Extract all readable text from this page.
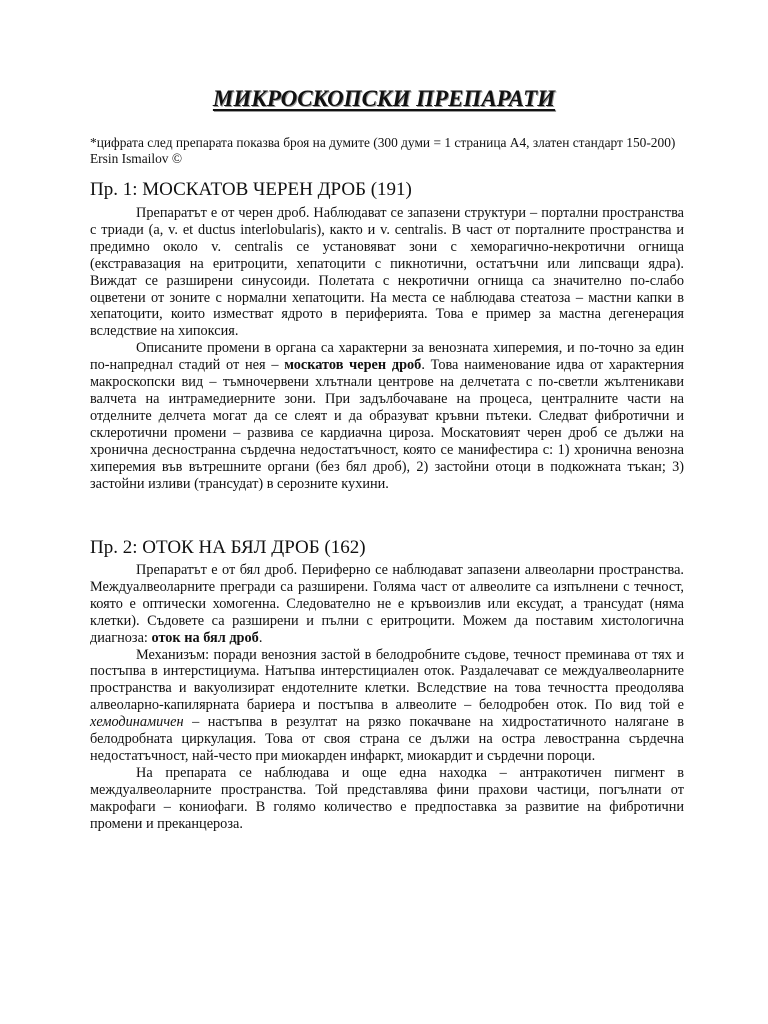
МИКРОСКОПСКИ ПРЕПАРАТИ
*цифрата след препарата показва броя на думите (300 думи = 1 страница А4, златен стандарт 150-200)
Ersin Ismailov ©
Пр. 1: МОСКАТОВ ЧЕРЕН ДРОБ (191)

Препаратът е от черен дроб. Наблюдават се запазени структури – портални пространства с триади (a, v. et ductus interlobularis), както и v. centralis. В част от порталните пространства и предимно около v. centralis се установяват зони с хеморагично-некротични огнища (екстравазация на еритроцити, хепатоцити с пикнотични, остатъчни или липсващи ядра). Виждат се разширени синусоиди. Полетата с некротични огнища са значително по-слабо оцветени от зоните с нормални хепатоцити. На места се наблюдава стеатоза – мастни капки в хепатоцити, които изместват ядрото в периферията. Това е пример за мастна дегенерация вследствие на хипоксия.

Описаните промени в органа са характерни за венозната хиперемия, и по-точно за един по-напреднал стадий от нея – москатов черен дроб. Това наименование идва от характерния макроскопски вид – тъмночервени хлътнали центрове на делчетата с по-светли жълтеникави валчета на интрамедиерните зони. При задълбочаване на процеса, централните части на отделните делчета могат да се слеят и да образуват кръвни пътеки. Следват фибротични и склеротични промени – развива се кардиачна цироза. Москатовият черен дроб се дължи на хронична десностранна сърдечна недостатъчност, която се манифестира с: 1) хронична венозна хиперемия във вътрешните органи (без бял дроб), 2) застойни отоци в подкожната тъкан; 3) застойни изливи (трансудат) в серозните кухини.

Пр. 2: ОТОК НА БЯЛ ДРОБ (162)

Препаратът е от бял дроб. Периферно се наблюдават запазени алвеоларни пространства. Междуалвеоларните прегради са разширени. Голяма част от алвеолите са изпълнени с течност, която е оптически хомогенна. Следователно не е кръвоизлив или ексудат, а трансудат (няма клетки). Съдовете са разширени и пълни с еритроцити. Можем да поставим хистологична диагноза: оток на бял дроб.

Механизъм: поради венозния застой в белодробните съдове, течност преминава от тях и постъпва в интерстициума. Натъпва интерстициален оток. Раздалечават се междуалвеоларните пространства и вакуолизират ендотелните клетки. Вследствие на това течността преодолява алвеоларно-капилярната бариера и постъпва в алвеолите – белодробен оток. По вид той е хемодинамичен – настъпва в резултат на рязко покачване на хидростатичното налягане в белодробната циркулация. Това от своя страна се дължи на остра левостранна сърдечна недостатъчност, най-често при миокарден инфаркт, миокардит и сърдечни пороци.

На препарата се наблюдава и още една находка – антракотичен пигмент в междуалвеоларните пространства. Той представлява фини прахови частици, погълнати от макрофаги – кониофаги. В голямо количество е предпоставка за развитие на фибротични промени и преканцероза.
